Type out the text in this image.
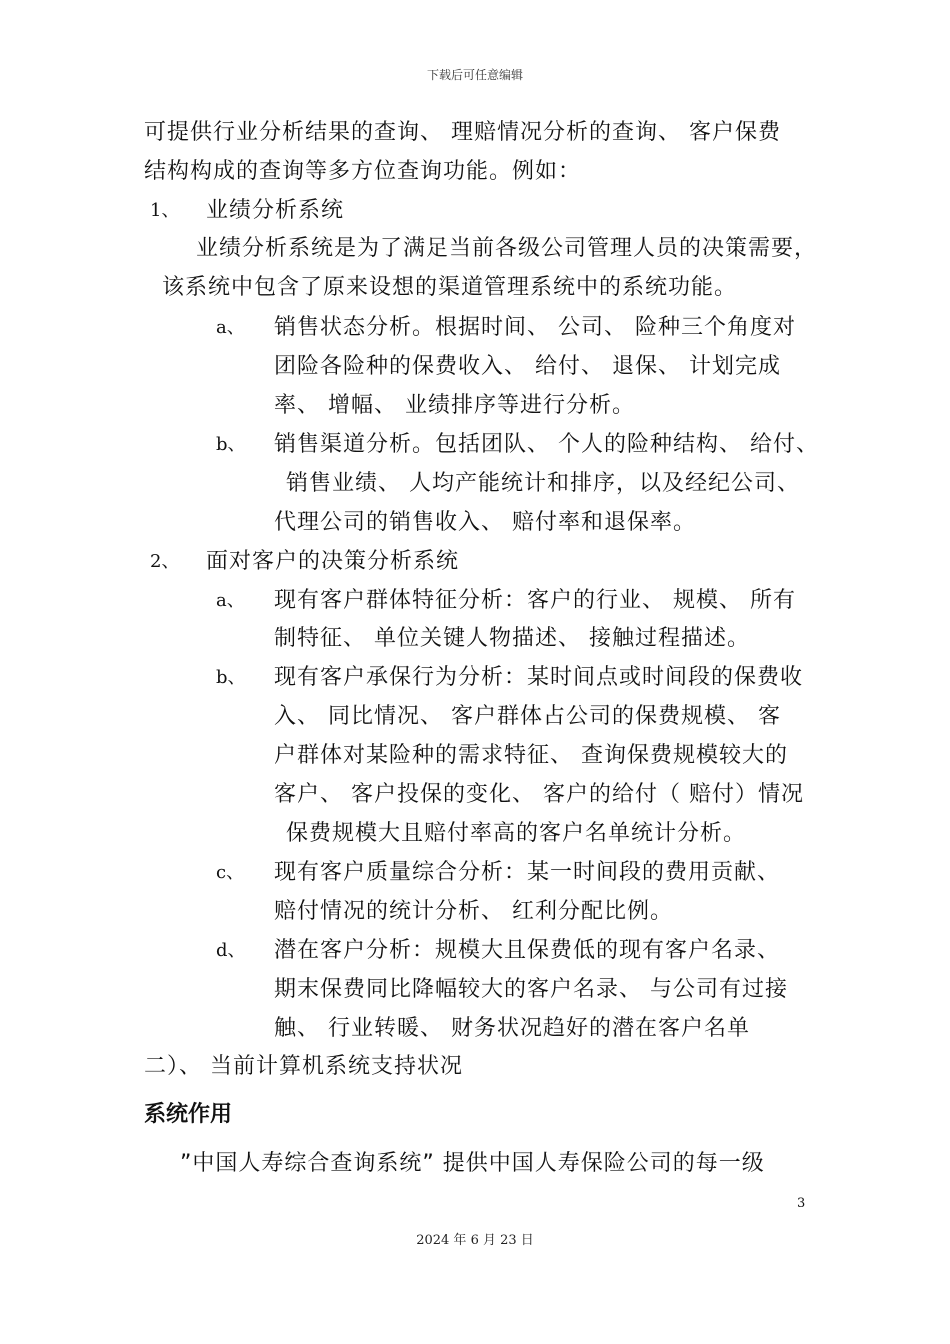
下载后可任意编辑
可提供行业分析结果的查询、 理赔情况分析的查询、 客户保费
结构构成的查询等多方位查询功能。例如：
1、 业绩分析系统
业绩分析系统是为了满足当前各级公司管理人员的决策需要，
该系统中包含了原来设想的渠道管理系统中的系统功能。
a、 销售状态分析。根据时间、 公司、 险种三个角度对
团险各险种的保费收入、 给付、 退保、 计划完成
率、 增幅、 业绩排序等进行分析。
b、 销售渠道分析。包括团队、 个人的险种结构、 给付、
销售业绩、 人均产能统计和排序，以及经纪公司、
代理公司的销售收入、 赔付率和退保率。
2、 面对客户的决策分析系统
a、 现有客户群体特征分析：客户的行业、 规模、 所有
制特征、 单位关键人物描述、 接触过程描述。
b、 现有客户承保行为分析：某时间点或时间段的保费收
入、 同比情况、 客户群体占公司的保费规模、 客
户群体对某险种的需求特征、 查询保费规模较大的
客户、 客户投保的变化、 客户的给付（ 赔付）情况
保费规模大且赔付率高的客户名单统计分析。
c、 现有客户质量综合分析：某一时间段的费用贡献、
赔付情况的统计分析、 红利分配比例。
d、 潜在客户分析：规模大且保费低的现有客户名录、
期末保费同比降幅较大的客户名录、 与公司有过接
触、 行业转暖、 财务状况趋好的潜在客户名单
二）、 当前计算机系统支持状况
系统作用
”中国人寿综合查询系统” 提供中国人寿保险公司的每一级
3
2024 年 6 月 23 日
